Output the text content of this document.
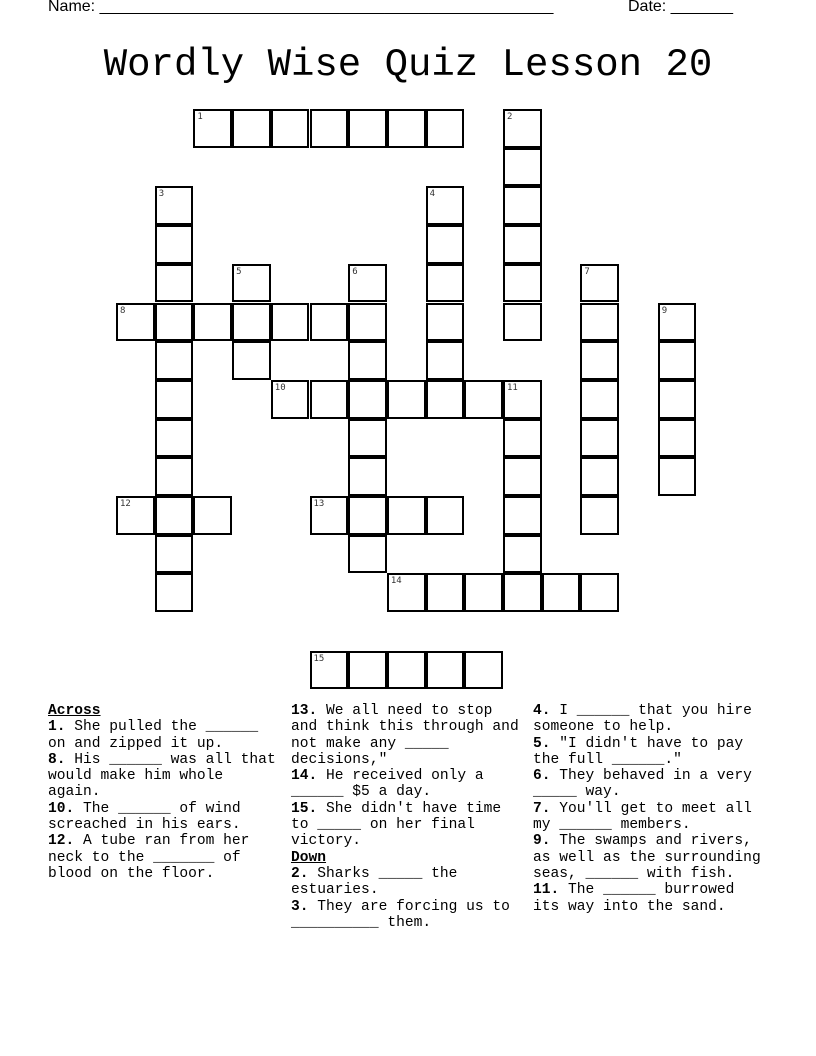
Name: ___________________________________________________	Date: _______
Wordly Wise Quiz Lesson 20
1	2
3	4
5	6	7
8	9
10	11
12	13
14
15
Across
1. She pulled the ______ on and zipped it up.
8. His ______ was all that would make him whole again.
10. The ______ of wind screached in his ears.
12. A tube ran from her neck to the _______ of blood on the floor.
13. We all need to stop and think this through and not make any _____ decisions,"
14. He received only a ______ $5 a day.
15. She didn't have time to _____ on her final victory.
Down
2. Sharks _____ the estuaries.
3. They are forcing us to __________ them.
4. I ______ that you hire someone to help.
5. "I didn't have to pay the full ______."
6. They behaved in a very _____ way.
7. You'll get to meet all my ______ members.
9. The swamps and rivers, as well as the surrounding seas, ______ with fish.
11. The ______ burrowed its way into the sand.
